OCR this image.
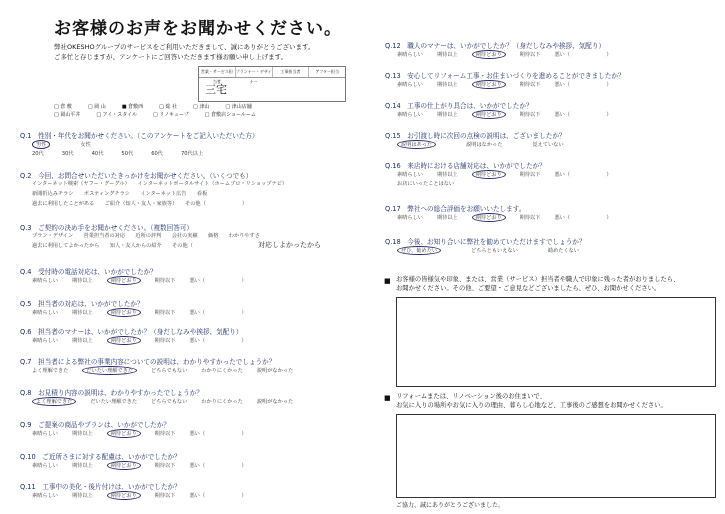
お客様のお声をお聞かせください。
弊社OKESHOグループのサービスをご利用いただきまして、誠にありがとうございます。
ご多忙と存じますが、アンケートにご回答いただきます様お願い申し上げます。
営業・サービス担当者
プランナー・デザイナー
工事担当者	アフター担当
三宅
□ 倉 敷	□ 岡 山	■ 倉敷西	□ 総 社	□ 津山	□ 津山店舗
□ 岡山平井	□ アイ・スタイル	□ リノキューブ	□ 倉敷店ショールーム
Q.1　性別・年代をお聞かせください。（このアンケートをご記入いただいた方）
男性	女性
20代	30代	40代	50代	60代	70代以上
Q.2　今回、お問合せいただいたきっかけをお聞かせください。（いくつでも）
インターネット検索（ヤフー・グーグル）　　インターネットポータルサイト（ホームプロ・リショップナビ）
新聞折込みチラシ　　ポスティングチラシ　　インターネット広告　　看板
過去に利用したことがある　　ご紹介（知人・友人・家族等）　　その他（　　　　　　　）
Q.3　ご契約の決め手をお聞かせください。（複数回答可）
プラン・デザイン　　営業担当者の対応　　近所の評判　　会社の実績　　価格　　わかりやすさ
過去に利用してよかったから　　知人・友人からの紹介　　その他（	対応しよかったから
Q.4　受付時の電話対応は、いかがでしたか？
素晴らしい	期待以上	期待どおり	期待以下	悪い（　　　　　　　）
Q.5　担当者の対応は、いかがでしたか？
素晴らしい	期待以上	期待どおり	期待以下	悪い（　　　　　　　）
Q.6　担当者のマナーは、いかがでしたか？（身だしなみや挨拶、気配り）
素晴らしい	期待以上	期待どおり	期待以下	悪い（　　　　　　　）
Q.7　担当者による弊社の事業内容についての説明は、わかりやすかったでしょうか？
よく理解できた	だいたい理解できた	どちらでもない	わかりにくかった	説明がなかった
Q.8　お見積り内容の説明は、わかりやすかったでしょうか？
よく理解できた	だいたい理解できた	どちらでもない	わかりにくかった	説明がなかった
Q.9　ご提案の商品やプランは、いかがでしたか？
素晴らしい	期待以上	期待どおり	期待以下	悪い（　　　　　　　）
Q.10　ご近所さまに対する配慮は、いかがでしたか？
素晴らしい	期待以上	期待どおり	期待以下	悪い（　　　　　　　）
Q.11　工事中の美化・後片付けは、いかがでしたか？
素晴らしい	期待以上	期待どおり	期待以下	悪い（　　　　　　　）
Q.12　職人のマナーは、いかがでしたか？（身だしなみや挨拶、気配り）
素晴らしい	期待以上	期待どおり	期待以下	悪い（　　　　　　　）
Q.13　安心してリフォーム工事・お住まいづくりを進めることができましたか？
素晴らしい	期待以上	期待どおり	期待以下	悪い（　　　　　　　）
Q.14　工事の仕上がり具合は、いかがでしたか？
素晴らしい	期待以上	期待どおり	期待以下	悪い（　　　　　　　）
Q.15　お引渡し時に次回の点検の説明は、ございましたか？
説明はあった	説明はなかった	覚えていない
Q.16　来店時における店舗対応は、いかがでしたか？
素晴らしい	期待以上	期待どおり	期待以下	悪い（　　　　　　　）
お店にいったことはない
Q.17　弊社への総合評価をお願いいたします。
素晴らしい	期待以上	期待どおり	期待以下	悪い（　　　　　　　）
Q.18　今後、お知り合いに弊社を勧めていただけますでしょうか？
ぜひ、勧めたい	どちらともいえない	勧めたくない
■ お客様の皆様気や印象、または、営業（サービス）担当者や職人で印象に残った者がおりましたら、
お聞かせください。その他、ご要望・ご意見などございましたら、ぜひ、お聞かせください。
■ リフォームまたは、リノベーション後のお住まいで、
お気に入りの場所やお気に入りの理由、暮らし心地など、工事後のご感想をお聞かせください。
ご協力、誠にありがとうございました。
